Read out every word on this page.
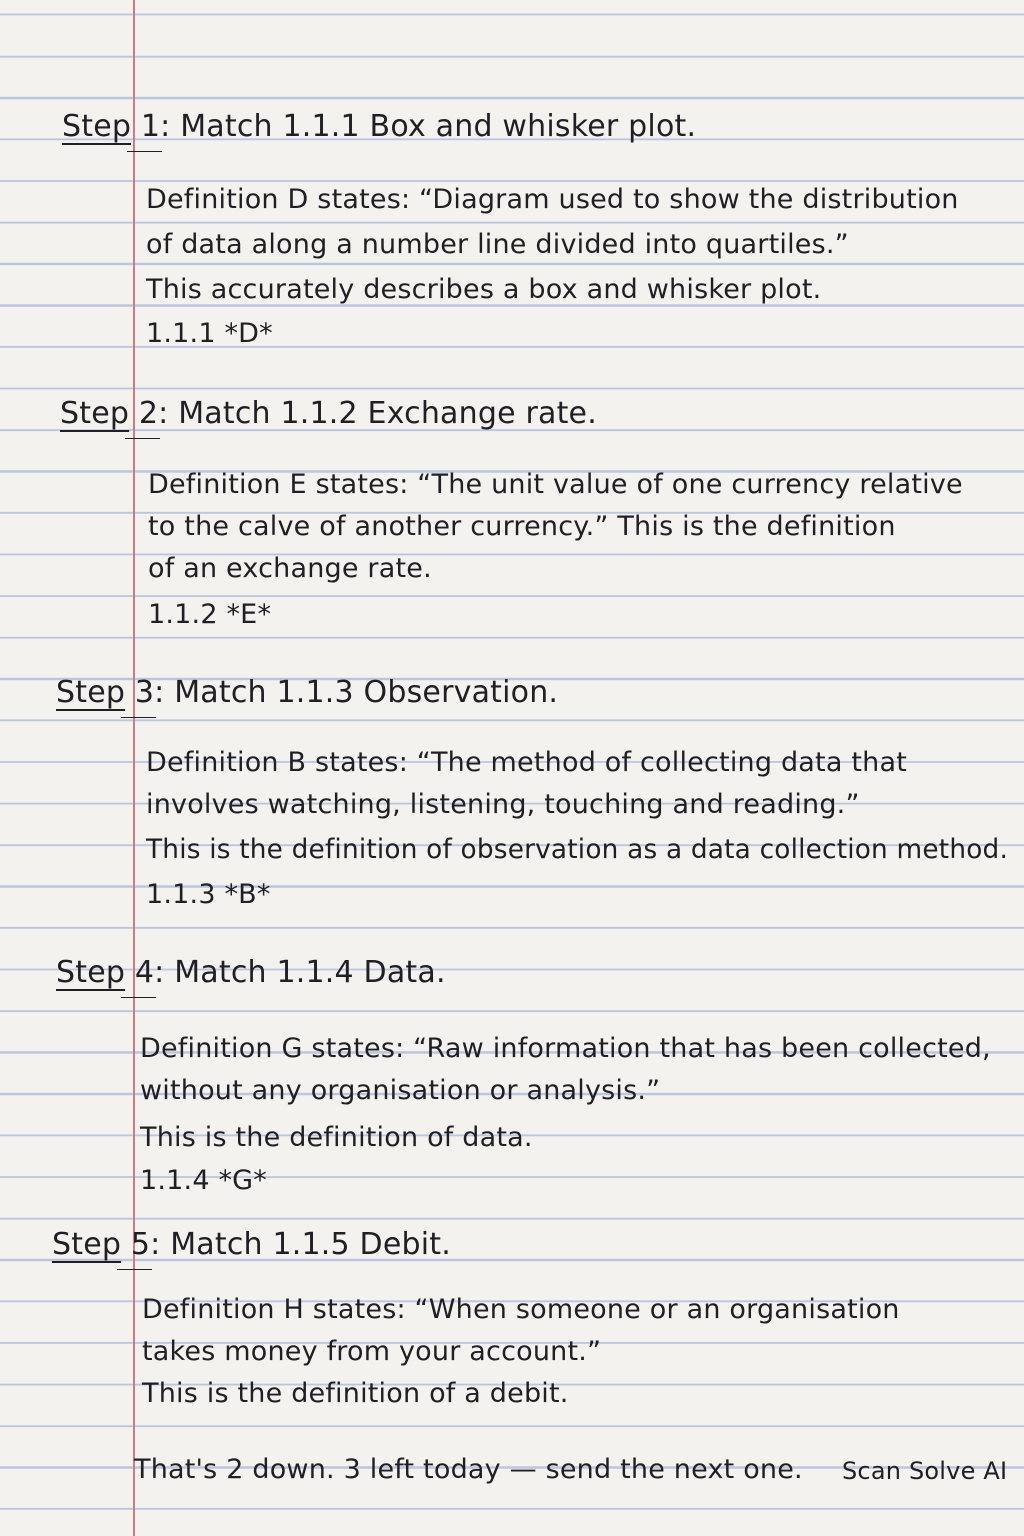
Step 1: Match 1.1.1 Box and whisker plot.
Definition D states: “Diagram used to show the distribution
of data along a number line divided into quartiles.”
This accurately describes a box and whisker plot.
1.1.1 *D*
Step 2: Match 1.1.2 Exchange rate.
Definition E states: “The unit value of one currency relative
to the calve of another currency.” This is the definition
of an exchange rate.
1.1.2 *E*
Step 3: Match 1.1.3 Observation.
Definition B states: “The method of collecting data that
involves watching, listening, touching and reading.”
This is the definition of observation as a data collection method.
1.1.3 *B*
Step 4: Match 1.1.4 Data.
Definition G states: “Raw information that has been collected,
without any organisation or analysis.”
This is the definition of data.
1.1.4 *G*
Step 5: Match 1.1.5 Debit.
Definition H states: “When someone or an organisation
takes money from your account.”
This is the definition of a debit.
That's 2 down. 3 left today — send the next one. Scan Solve AI
